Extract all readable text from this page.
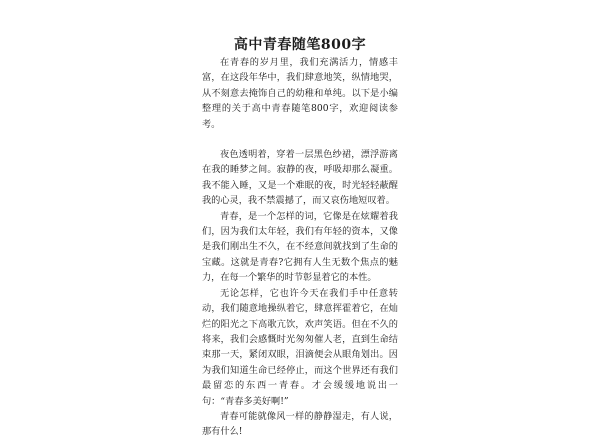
高中青春随笔800字

在青春的岁月里，我们充满活力，情感丰富，在这段年华中，我们肆意地笑，纵情地哭，从不刻意去掩饰自己的幼稚和单纯。以下是小编整理的关于高中青春随笔800字，欢迎阅读参考。

夜色透明着，穿着一层黑色纱裙，漂浮游离在我的睡梦之间。寂静的夜，呼吸却那么凝重。我不能入睡，又是一个难眠的夜，时光轻轻蔽醒我的心灵，我不禁震撼了，而又哀伤地短叹着。

青春，是一个怎样的词，它像是在炫耀着我们，因为我们太年轻，我们有年轻的资本，又像是我们刚出生不久，在不经意间就找到了生命的宝藏。这就是青春?它拥有人生无数个焦点的魅力，在每一个繁华的时节彰显着它的本性。

无论怎样，它也许今天在我们手中任意转动，我们随意地操纵着它，肆意挥霍着它，在灿烂的阳光之下高歌亢饮，欢声笑语。但在不久的将来，我们会感慨时光匆匆催人老，直到生命结束那一天，紧闭双眼，泪滴便会从眼角划出。因为我们知道生命已经停止，而这个世界还有我们最留恋的东西一青春。才会缓缓地说出一句：“青春多美好啊!”

青春可能就像风一样的静静湿走，有人说，那有什么!
